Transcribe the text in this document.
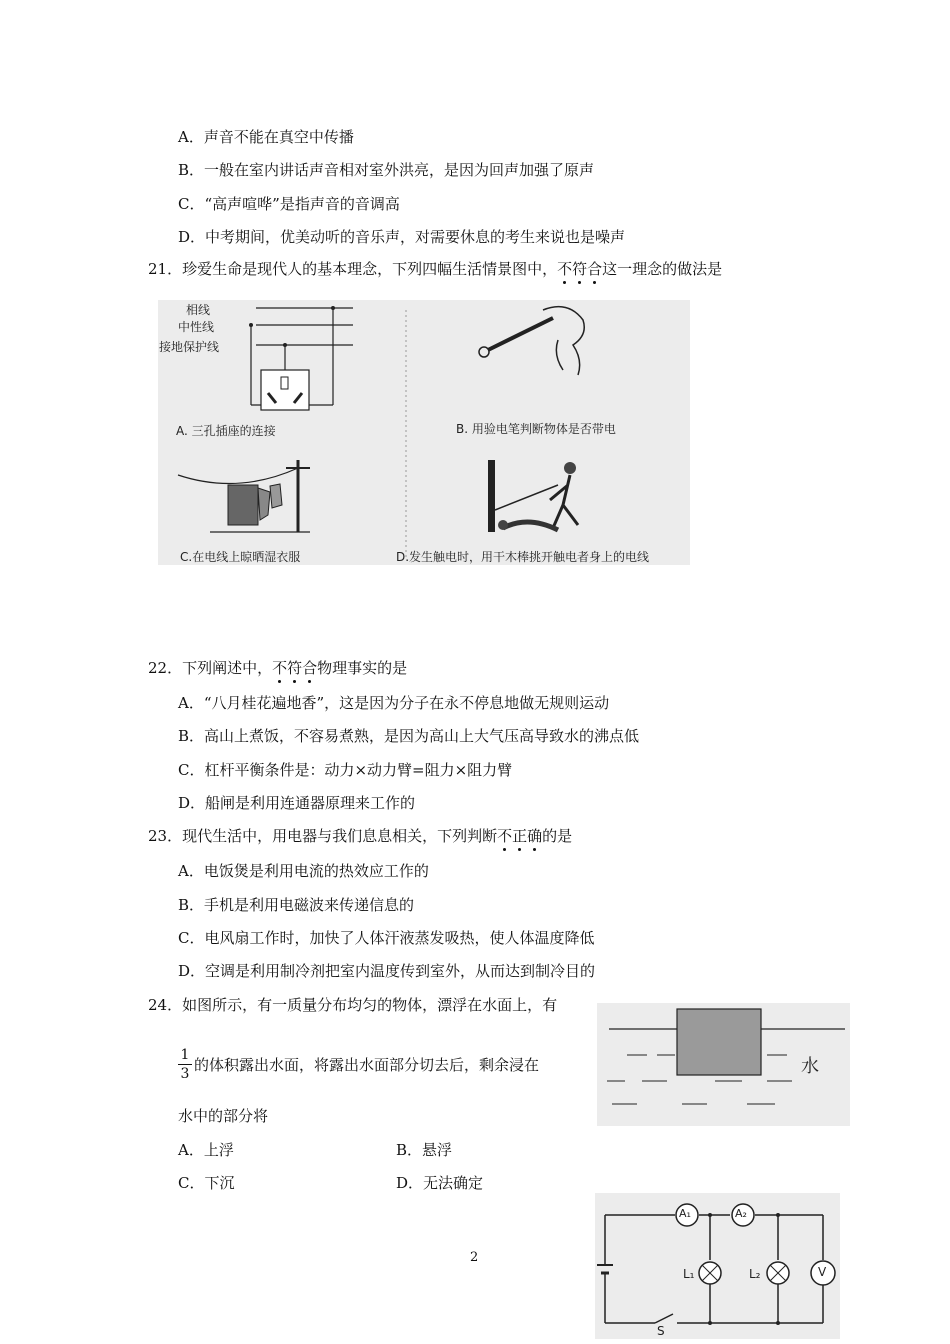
A．声音不能在真空中传播
B．一般在室内讲话声音相对室外洪亮，是因为回声加强了原声
C．“高声喧哗”是指声音的音调高
D．中考期间，优美动听的音乐声，对需要休息的考生来说也是噪声
21．珍爱生命是现代人的基本理念，下列四幅生活情景图中，不符合这一理念的做法是
相线
中性线
接地保护线
A. 三孔插座的连接	B. 用验电笔判断物体是否带电
C.在电线上晾晒湿衣服	D.发生触电时，用干木棒挑开触电者身上的电线
22．下列阐述中，不符合物理事实的是
A．“八月桂花遍地香”，这是因为分子在永不停息地做无规则运动
B．高山上煮饭，不容易煮熟，是因为高山上大气压高导致水的沸点低
C．杠杆平衡条件是：动力×动力臂=阻力×阻力臂
D．船闸是利用连通器原理来工作的
23．现代生活中，用电器与我们息息相关，下列判断不正确的是
A．电饭煲是利用电流的热效应工作的
B．手机是利用电磁波来传递信息的
C．电风扇工作时，加快了人体汗液蒸发吸热，使人体温度降低
D．空调是利用制冷剂把室内温度传到室外，从而达到制冷目的
24．如图所示，有一质量分布均匀的物体，漂浮在水面上，有
1
3 的体积露出水面，将露出水面部分切去后，剩余浸在
水中的部分将
A．上浮	B．悬浮
C．下沉	D．无法确定
水
A₁	A₂
L₁	L₂	V
S
2
